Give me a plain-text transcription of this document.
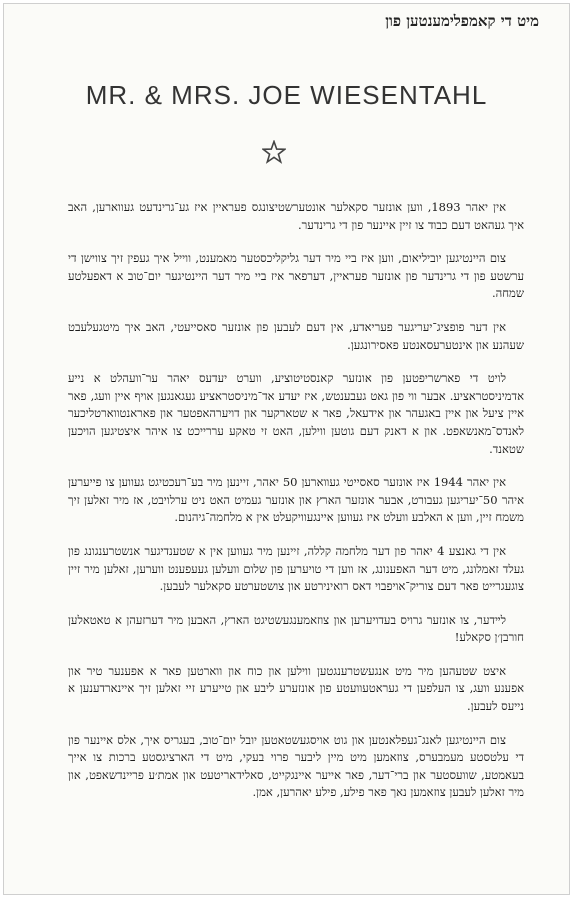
מיט די קאמפלימענטען פון
MR. & MRS. JOE WIESENTAHL

אין יאהר 1893, ווען אונזער סקאלער אונטערשטיצונגס פעראיין איז גע־גרינדעט געווארען, האב איך געהאט דעם כבוד צו זיין איינער פון די גרינדער.

צום היינטיגען יוביליאום, ווען איז ביי מיר דער גליקליכסטער מאמענט, ווייל איך געפין זיך צווישן די ערשטע פון די גרינדער פון אונזער פעראיין, דערפאר איז ביי מיר דער היינטיגער יום־טוב א דאפעלטע שמחה.

אין דער פופציג־יעריגער פעריאדע, אין דעם לעבען פון אונזער סאסייעטי, האב איך מיטגעלעבט שעהנע און אינטערעסאנטע פאסירונגען.

לויט די פארשריפטען פון אונזער קאנסטיטוציע, ווערט יעדעס יאהר ער־וועהלט א נייע אדמיניסטראציע. אבער ווי פון גאט געבענטש, איז יעדע אד־מיניסטראציע געגאנגען אויף איין וועג, פאר איין ציעל און איין באגעהר און אידעאל, פאר א שטארקער און דויערהאפטער און פאראנטווארטליכער לאנדס־מאנשאפט. און א דאנק דעם גוטען ווילען, האט זי טאקע עררייכט צו איהר איצטיגען הויכען שטאנד.

אין יאהר 1944 איז אונזער סאסייטי געווארען 50 יאהר, זיינען מיר בע־רעכטיגט געווען צו פייערען איהר 50־יעריגען געבורט, אבער אונזער הארץ און אונזער געמיט האט ניט ערלויבט, אז מיר זאלען זיך משמח זיין, ווען א האלבע וועלט איז געווען איינגעוויקעלט אין א מלחמה־גיהנום.

אין די גאנצע 4 יאהר פון דער מלחמה קללה, זיינען מיר געווען אין א שטענדיגער אנשטרענגונג פון געלד זאמלונג, מיט דער האפענונג, אז ווען די טויערען פון שלום וועלען געעפענט ווערען, זאלען מיר זיין צוגעגרייט פאר דעם צוריק־אויפבוי דאס רואינירטע און צושטערטע סקאלער לעבען.

לײדער, צו אונזער גרויס בעדויערען און צוזאמענגעשטיגט הארץ, האבען מיר דערזעהן א טאטאלען חורבן׳ן סקאלע!

איצט שטעהען מיר מיט אנגעשטרענגטען ווילען און כוח און ווארטען פאר א אפענער טיר און אפענע וועג, צו העלפען די געראטעוועטע פון אונזערע ליבע און טייערע זיי זאלען זיך איינארדענען א נייעס לעבען.

צום היינטיגען לאנג־געפלאנטען און גוט אויסגעשטאטען יובל יום־טוב, בעגריס איך, אלס איינער פון די עלטסטע מעמבערס, צוזאמען מיט מיין ליבער פרוי בעקי, מיט די הארציגסטע ברכות צו אייך בעאמטע, שוועסטער און ברי־דער, פאר אייער איינגקייט, סאלידאריטעט און אמת׳ע פריינדשאפט, און מיר זאלען לעבען צוזאמען נאך פאר פילע, פילע יאהרען, אמן.
